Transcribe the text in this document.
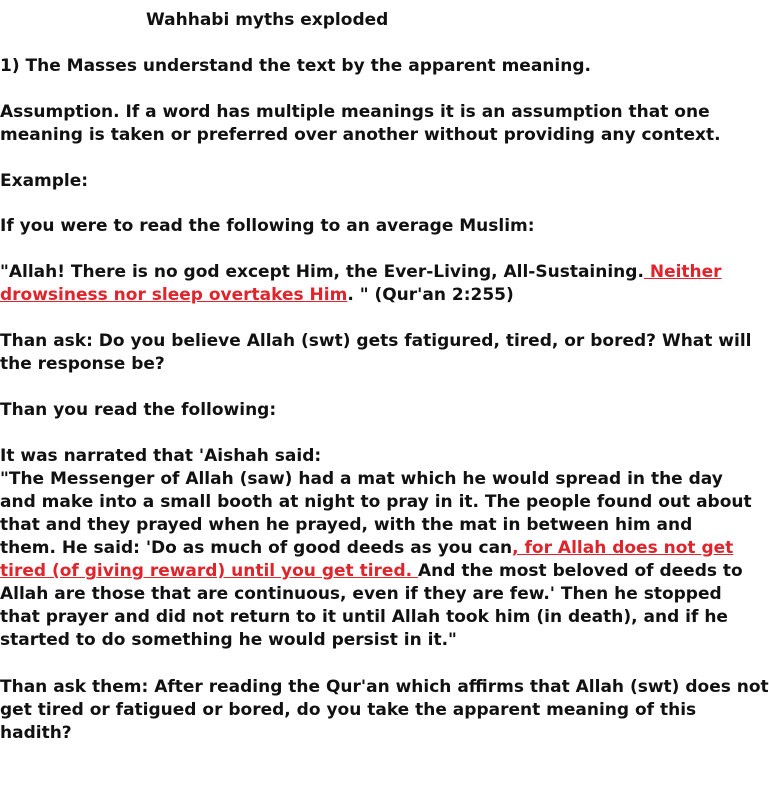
Wahhabi myths exploded
1) The Masses understand the text by the apparent meaning.
Assumption. If a word has multiple meanings it is an assumption that one
meaning is taken or preferred over another without providing any context.
Example:
If you were to read the following to an average Muslim:
"Allah! There is no god except Him, the Ever-Living, All-Sustaining. Neither
drowsiness nor sleep overtakes Him. " (Qur'an 2:255)
Than ask: Do you believe Allah (swt) gets fatigured, tired, or bored? What will
the response be?
Than you read the following:
It was narrated that 'Aishah said:
"The Messenger of Allah (saw) had a mat which he would spread in the day
and make into a small booth at night to pray in it. The people found out about
that and they prayed when he prayed, with the mat in between him and
them. He said: 'Do as much of good deeds as you can, for Allah does not get
tired (of giving reward) until you get tired. And the most beloved of deeds to
Allah are those that are continuous, even if they are few.' Then he stopped
that prayer and did not return to it until Allah took him (in death), and if he
started to do something he would persist in it."
Than ask them: After reading the Qur'an which affirms that Allah (swt) does not
get tired or fatigued or bored, do you take the apparent meaning of this
hadith?
